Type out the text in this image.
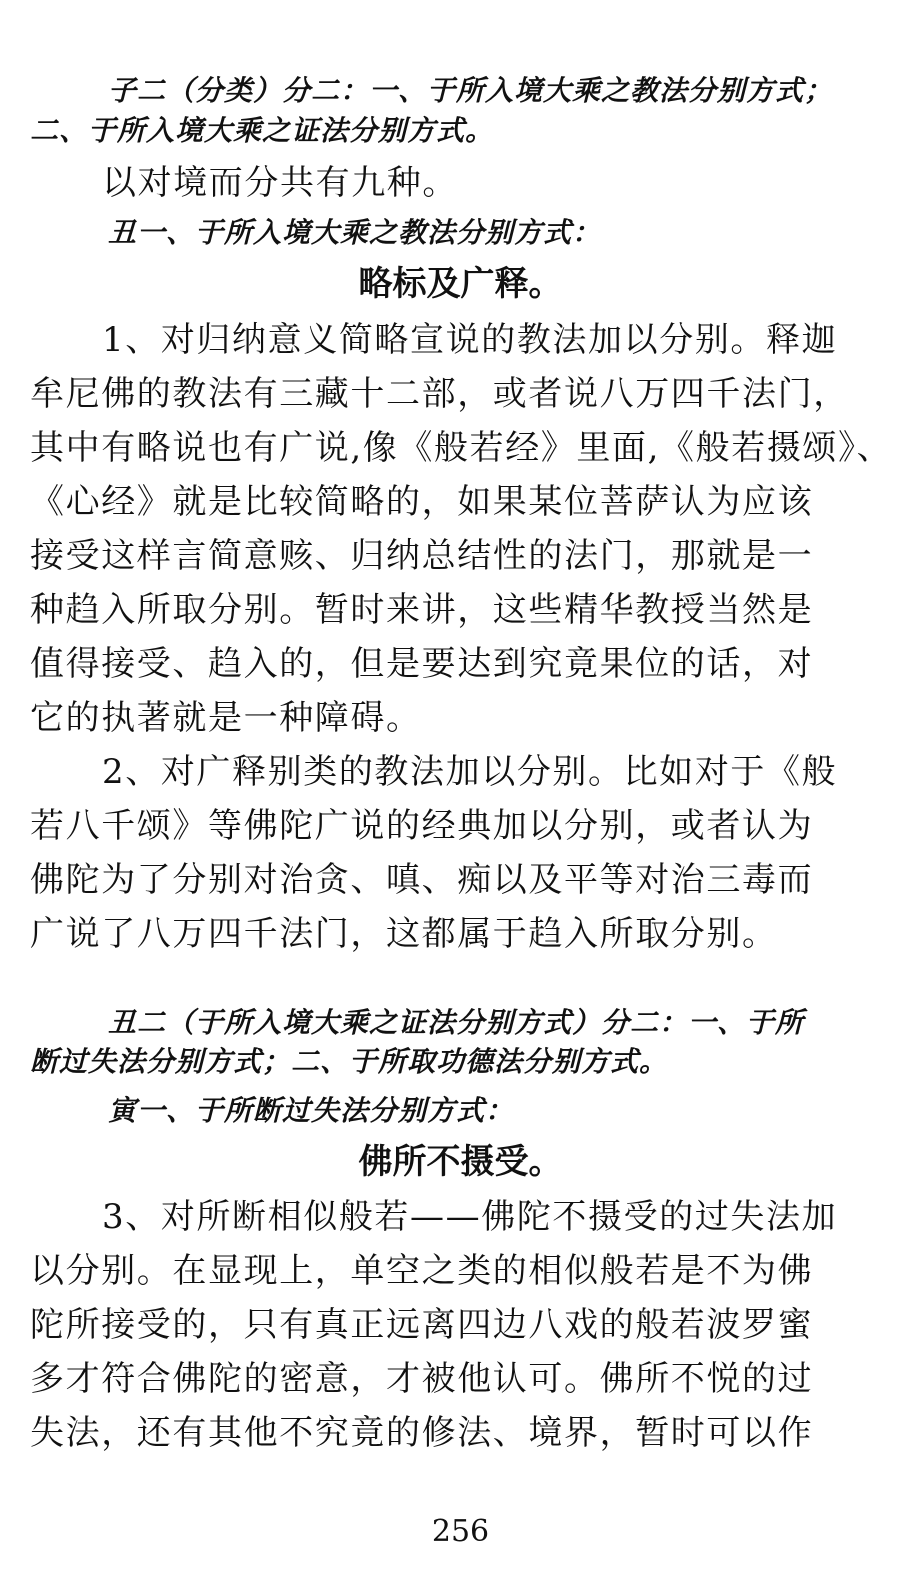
子二（分类）分二：一、于所入境大乘之教法分别方式；
二、于所入境大乘之证法分别方式。
以对境而分共有九种。
丑一、于所入境大乘之教法分别方式：
略标及广释。
1、对归纳意义简略宣说的教法加以分别。释迦
牟尼佛的教法有三藏十二部，或者说八万四千法门，
其中有略说也有广说,像《般若经》里面,《般若摄颂》、
《心经》就是比较简略的，如果某位菩萨认为应该
接受这样言简意赅、归纳总结性的法门，那就是一
种趋入所取分别。暂时来讲，这些精华教授当然是
值得接受、趋入的，但是要达到究竟果位的话，对
它的执著就是一种障碍。
2、对广释别类的教法加以分别。比如对于《般
若八千颂》等佛陀广说的经典加以分别，或者认为
佛陀为了分别对治贪、嗔、痴以及平等对治三毒而
广说了八万四千法门，这都属于趋入所取分别。
丑二（于所入境大乘之证法分别方式）分二：一、于所
断过失法分别方式；二、于所取功德法分别方式。
寅一、于所断过失法分别方式：
佛所不摄受。
3、对所断相似般若——佛陀不摄受的过失法加
以分别。在显现上，单空之类的相似般若是不为佛
陀所接受的，只有真正远离四边八戏的般若波罗蜜
多才符合佛陀的密意，才被他认可。佛所不悦的过
失法，还有其他不究竟的修法、境界，暂时可以作
256
